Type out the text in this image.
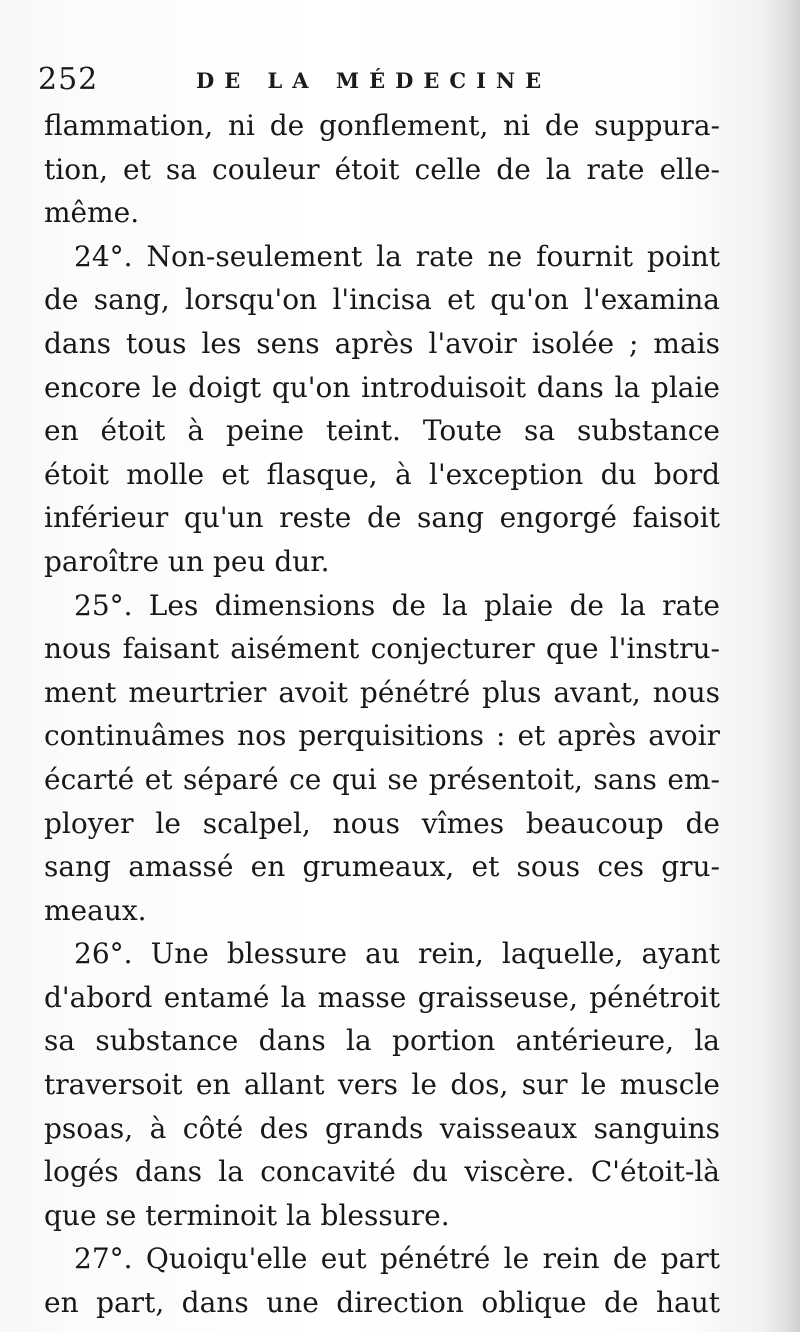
252	DE LA MÉDECINE
flammation, ni de gonflement, ni de suppura-
tion, et sa couleur étoit celle de la rate elle-
même.
24°. Non-seulement la rate ne fournit point
de sang, lorsqu'on l'incisa et qu'on l'examina
dans tous les sens après l'avoir isolée ; mais
encore le doigt qu'on introduisoit dans la plaie
en étoit à peine teint. Toute sa substance
étoit molle et flasque, à l'exception du bord
inférieur qu'un reste de sang engorgé faisoit
paroître un peu dur.
25°. Les dimensions de la plaie de la rate
nous faisant aisément conjecturer que l'instru-
ment meurtrier avoit pénétré plus avant, nous
continuâmes nos perquisitions : et après avoir
écarté et séparé ce qui se présentoit, sans em-
ployer le scalpel, nous vîmes beaucoup de
sang amassé en grumeaux, et sous ces gru-
meaux.
26°. Une blessure au rein, laquelle, ayant
d'abord entamé la masse graisseuse, pénétroit
sa substance dans la portion antérieure, la
traversoit en allant vers le dos, sur le muscle
psoas, à côté des grands vaisseaux sanguins
logés dans la concavité du viscère. C'étoit-là
que se terminoit la blessure.
27°. Quoiqu'elle eut pénétré le rein de part
en part, dans une direction oblique de haut
